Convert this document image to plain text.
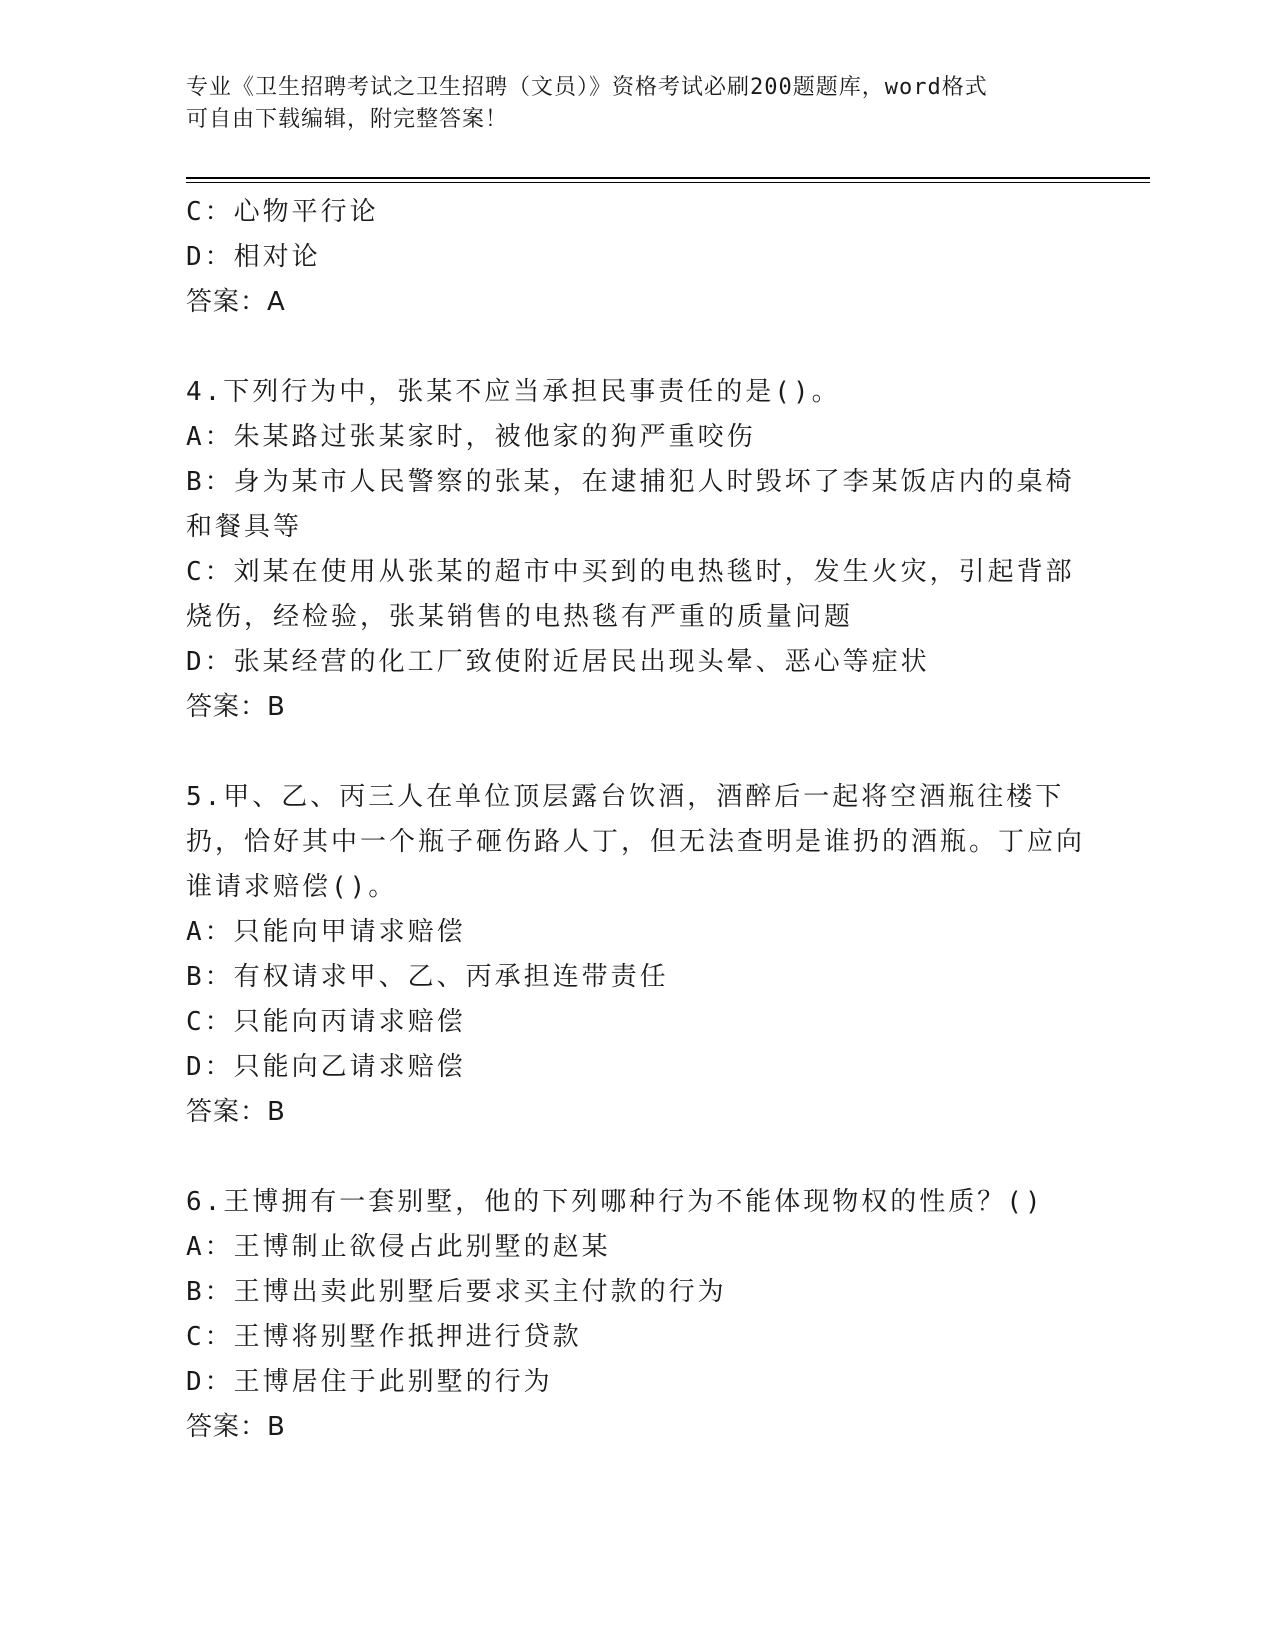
专业《卫生招聘考试之卫生招聘（文员）》资格考试必刷200题题库，word格式
可自由下载编辑，附完整答案！

C：心物平行论

D：相对论

答案：A

4.下列行为中，张某不应当承担民事责任的是()。

A：朱某路过张某家时，被他家的狗严重咬伤

B：身为某市人民警察的张某，在逮捕犯人时毁坏了李某饭店内的桌椅和餐具等

C：刘某在使用从张某的超市中买到的电热毯时，发生火灾，引起背部烧伤，经检验，张某销售的电热毯有严重的质量问题

D：张某经营的化工厂致使附近居民出现头晕、恶心等症状

答案：B

5.甲、乙、丙三人在单位顶层露台饮酒，酒醉后一起将空酒瓶往楼下扔，恰好其中一个瓶子砸伤路人丁，但无法查明是谁扔的酒瓶。丁应向谁请求赔偿()。

A：只能向甲请求赔偿

B：有权请求甲、乙、丙承担连带责任

C：只能向丙请求赔偿

D：只能向乙请求赔偿

答案：B

6.王博拥有一套别墅，他的下列哪种行为不能体现物权的性质？()

A：王博制止欲侵占此别墅的赵某

B：王博出卖此别墅后要求买主付款的行为

C：王博将别墅作抵押进行贷款

D：王博居住于此别墅的行为

答案：B
